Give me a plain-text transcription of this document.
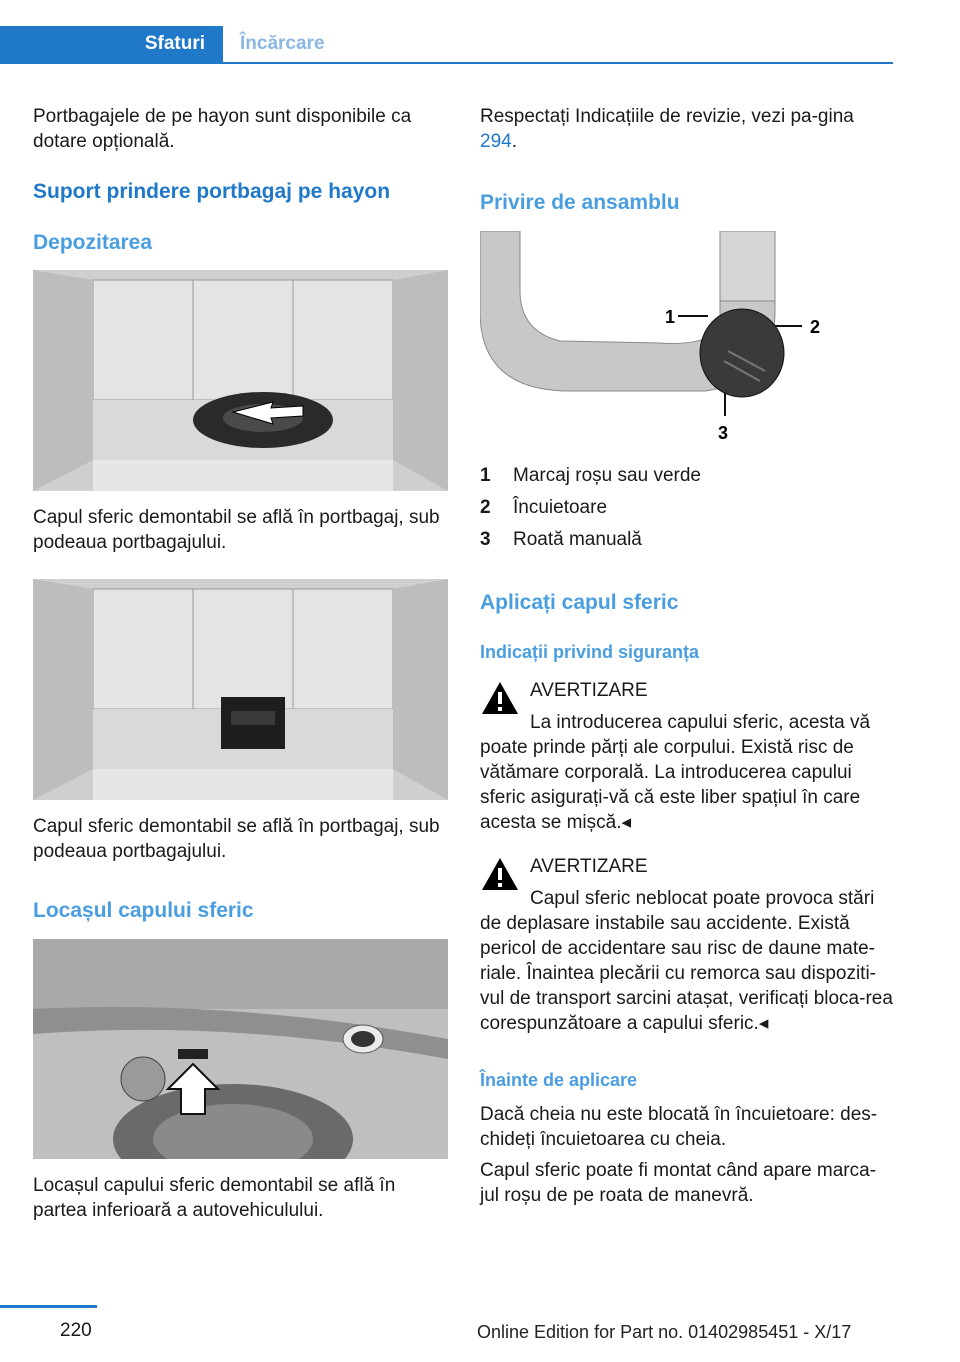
Sfaturi Încărcare

Portbagajele de pe hayon sunt disponibile ca dotare opțională.

Suport prindere portbagaj pe hayon
Depozitarea

Capul sferic demontabil se află în portbagaj, sub podeaua portbagajului.

Capul sferic demontabil se află în portbagaj, sub podeaua portbagajului.

Locașul capului sferic

Locașul capului sferic demontabil se află în partea inferioară a autovehiculului.

Respectați Indicațiile de revizie, vezi pa-gina 294.

Privire de ansamblu
1	2
3
1 Marcaj roșu sau verde
2 Încuietoare
3 Roată manuală
Aplicați capul sferic
Indicații privind siguranța
AVERTIZARE

La introducerea capului sferic, acesta vă poate prinde părți ale corpului. Există risc de vătămare corporală. La introducerea capului sferic asigurați-vă că este liber spațiul în care acesta se mișcă.◂

AVERTIZARE

Capul sferic neblocat poate provoca stări de deplasare instabile sau accidente. Există pericol de accidentare sau risc de daune mate-riale. Înaintea plecării cu remorca sau dispoziti-vul de transport sarcini atașat, verificați bloca-rea corespunzătoare a capului sferic.◂

Înainte de aplicare

Dacă cheia nu este blocată în încuietoare: des-chideți încuietoarea cu cheia.

Capul sferic poate fi montat când apare marca-jul roșu de pe roata de manevră.

220	Online Edition for Part no. 01402985451 - X/17
